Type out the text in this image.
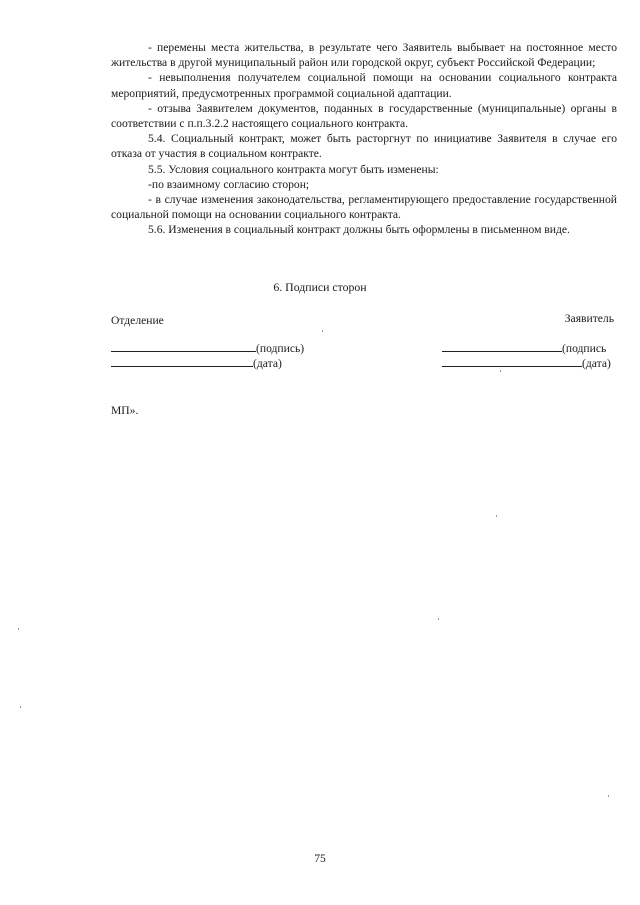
- перемены места жительства, в результате чего Заявитель выбывает на постоянное место жительства в другой муниципальный район или городской округ, субъект Российской Федерации;

- невыполнения получателем социальной помощи на основании социального контракта мероприятий, предусмотренных программой социальной адаптации.

- отзыва Заявителем документов, поданных в государственные (муниципальные) органы в соответствии с п.п.3.2.2 настоящего социального контракта.

5.4. Социальный контракт, может быть расторгнут по инициативе Заявителя в случае его отказа от участия в социальном контракте.

5.5. Условия социального контракта могут быть изменены:

-по взаимному согласию сторон;

- в случае изменения законодательства, регламентирующего предоставление государственной социальной помощи на основании социального контракта.

5.6. Изменения в социальный контракт должны быть оформлены в письменном виде.

6. Подписи сторон
Отделение	Заявитель
(подпись)
(дата)
(подпись
(дата)
МП».
75
